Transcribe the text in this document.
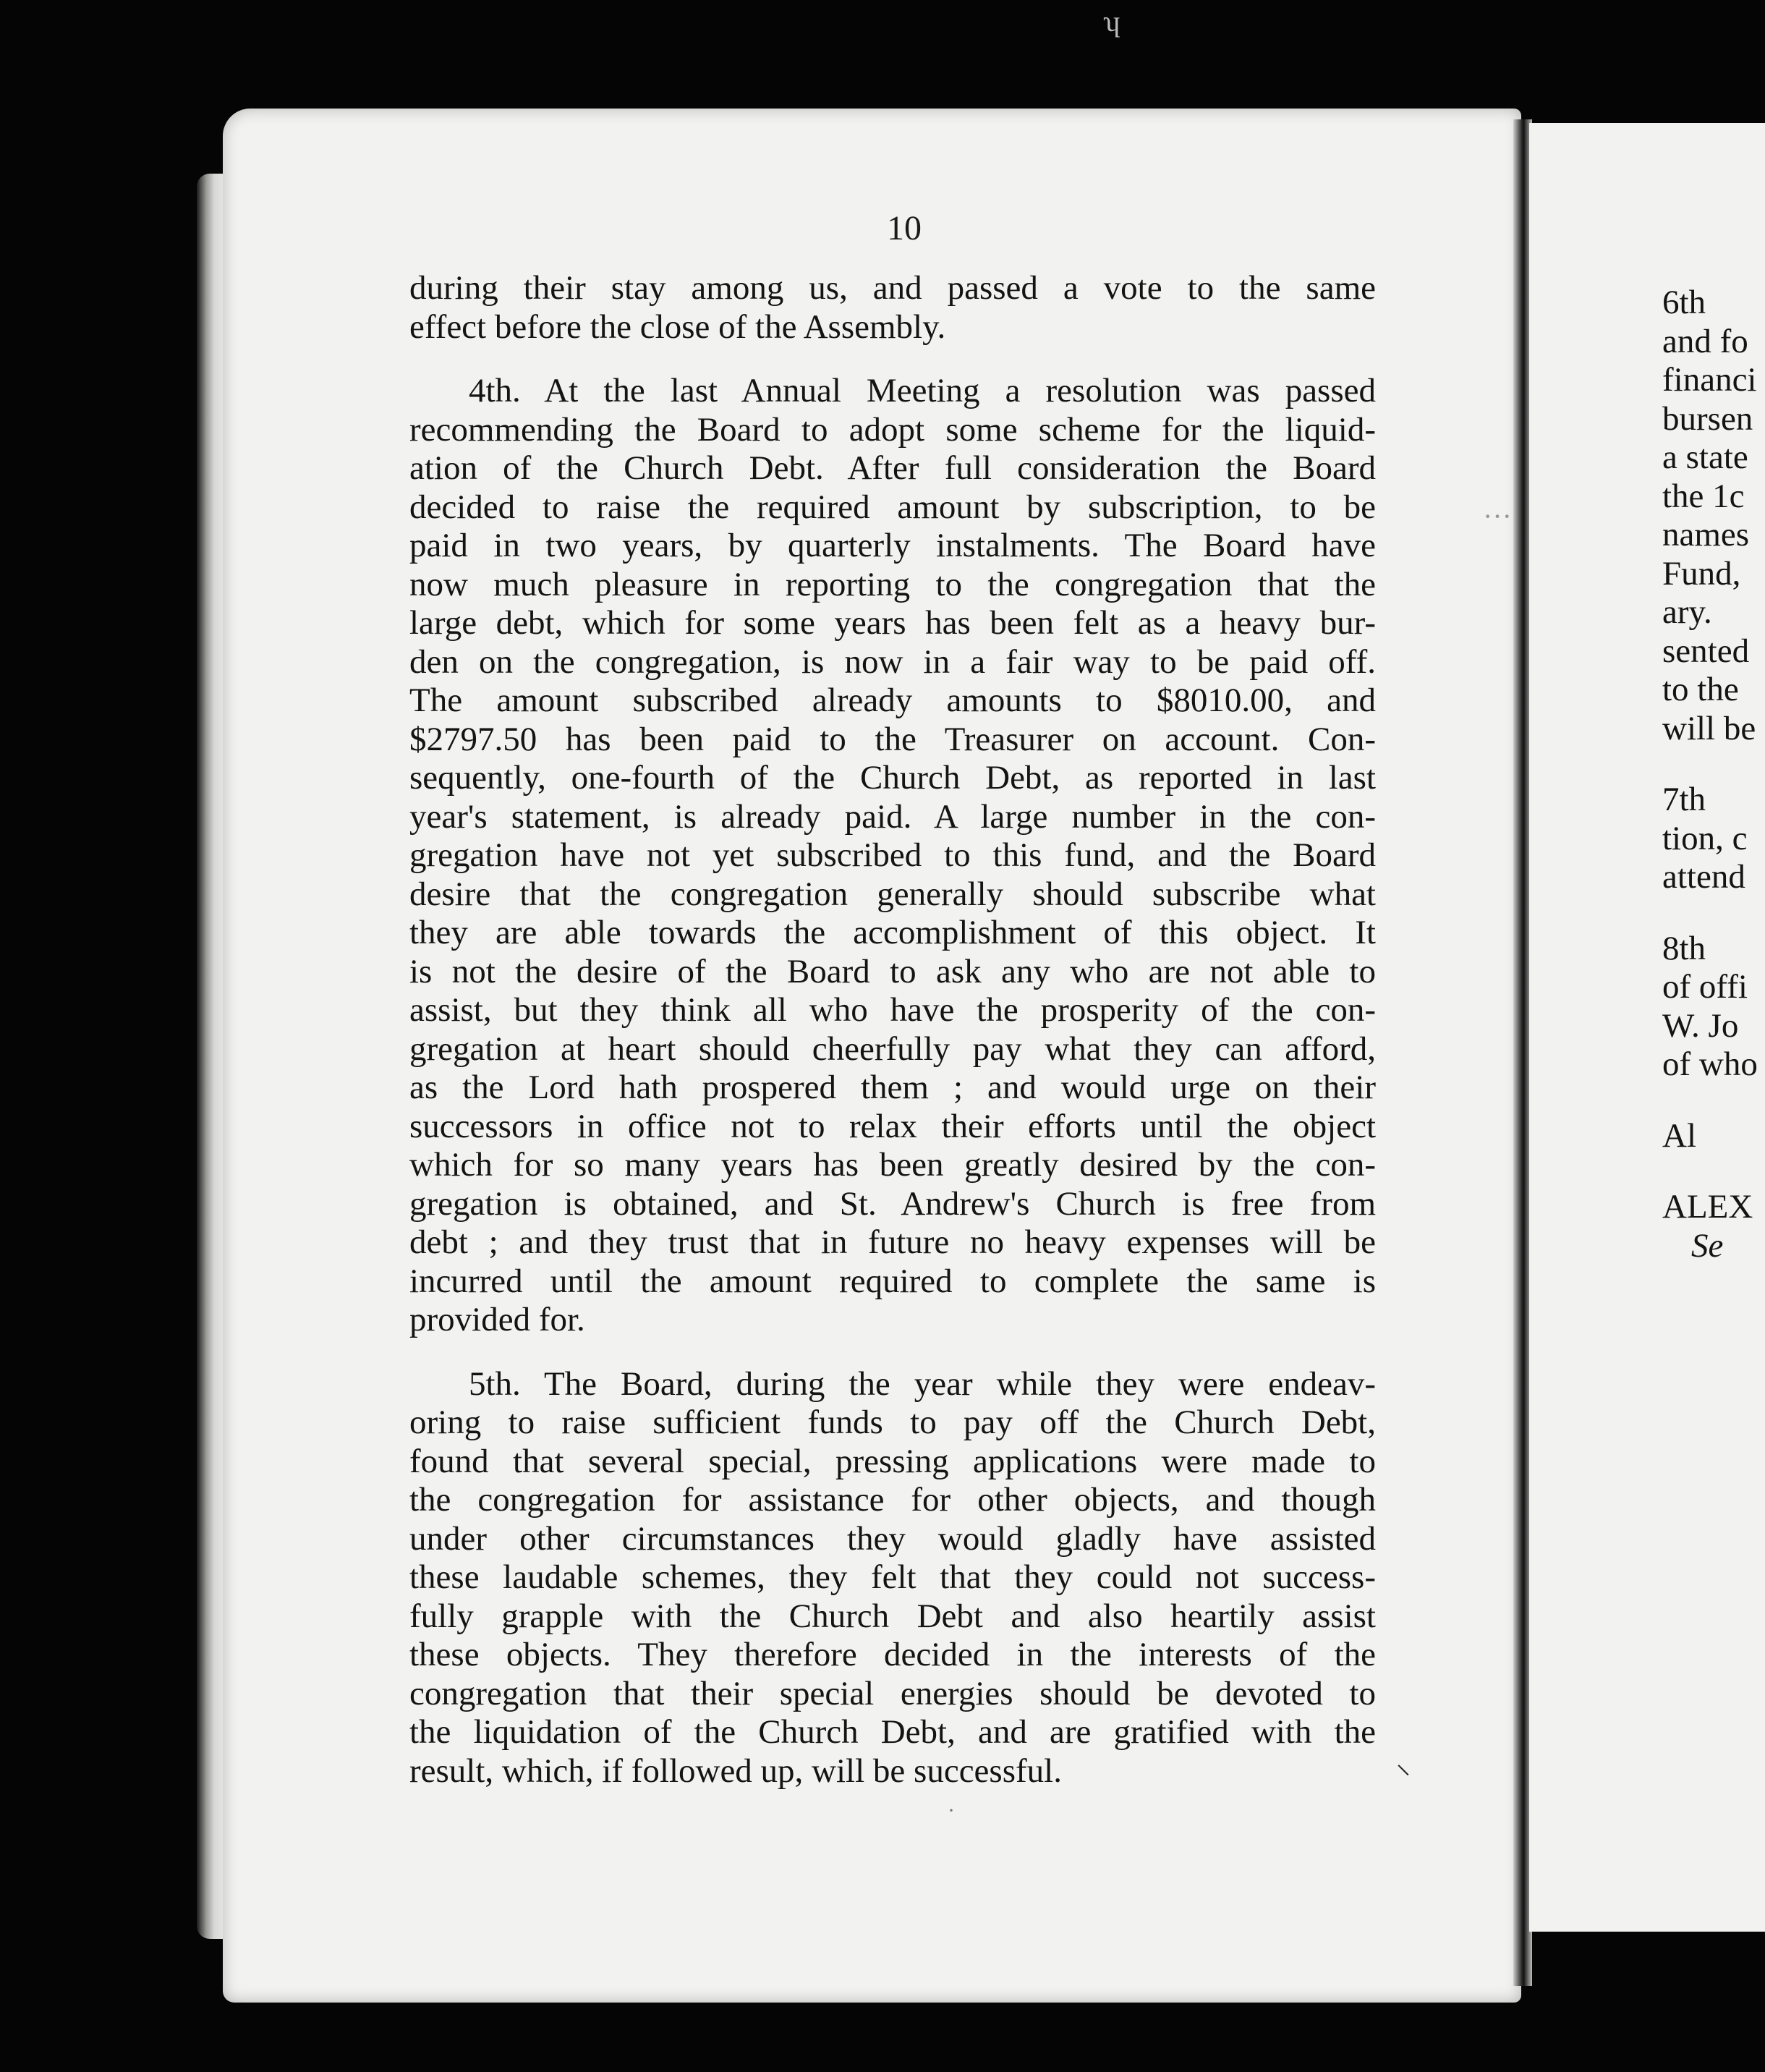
10

during their stay among us, and passed a vote to the same
effect before the close of the Assembly.

4th. At the last Annual Meeting a resolution was passed
recommending the Board to adopt some scheme for the liquid-
ation of the Church Debt. After full consideration the Board
decided to raise the required amount by subscription, to be
paid in two years, by quarterly instalments. The Board have
now much pleasure in reporting to the congregation that the
large debt, which for some years has been felt as a heavy bur-
den on the congregation, is now in a fair way to be paid off.
The amount subscribed already amounts to $8010.00, and
$2797.50 has been paid to the Treasurer on account. Con-
sequently, one-fourth of the Church Debt, as reported in last
year's statement, is already paid. A large number in the con-
gregation have not yet subscribed to this fund, and the Board
desire that the congregation generally should subscribe what
they are able towards the accomplishment of this object. It
is not the desire of the Board to ask any who are not able to
assist, but they think all who have the prosperity of the con-
gregation at heart should cheerfully pay what they can afford,
as the Lord hath prospered them ; and would urge on their
successors in office not to relax their efforts until the object
which for so many years has been greatly desired by the con-
gregation is obtained, and St. Andrew's Church is free from
debt ; and they trust that in future no heavy expenses will be
incurred until the amount required to complete the same is
provided for.

5th. The Board, during the year while they were endeav-
oring to raise sufficient funds to pay off the Church Debt,
found that several special, pressing applications were made to
the congregation for assistance for other objects, and though
under other circumstances they would gladly have assisted
these laudable schemes, they felt that they could not success-
fully grapple with the Church Debt and also heartily assist
these objects. They therefore decided in the interests of the
congregation that their special energies should be devoted to
the liquidation of the Church Debt, and are gratified with the
result, which, if followed up, will be successful.

6th
and fo
financi
bursen
a state
the 1c
names
Fund,
ary.
sented
to the
will be
7th
tion, c
attend
8th
of offi
W. Jo
of who
Al
ALEX
Se
ʮ
⸜
·
···
